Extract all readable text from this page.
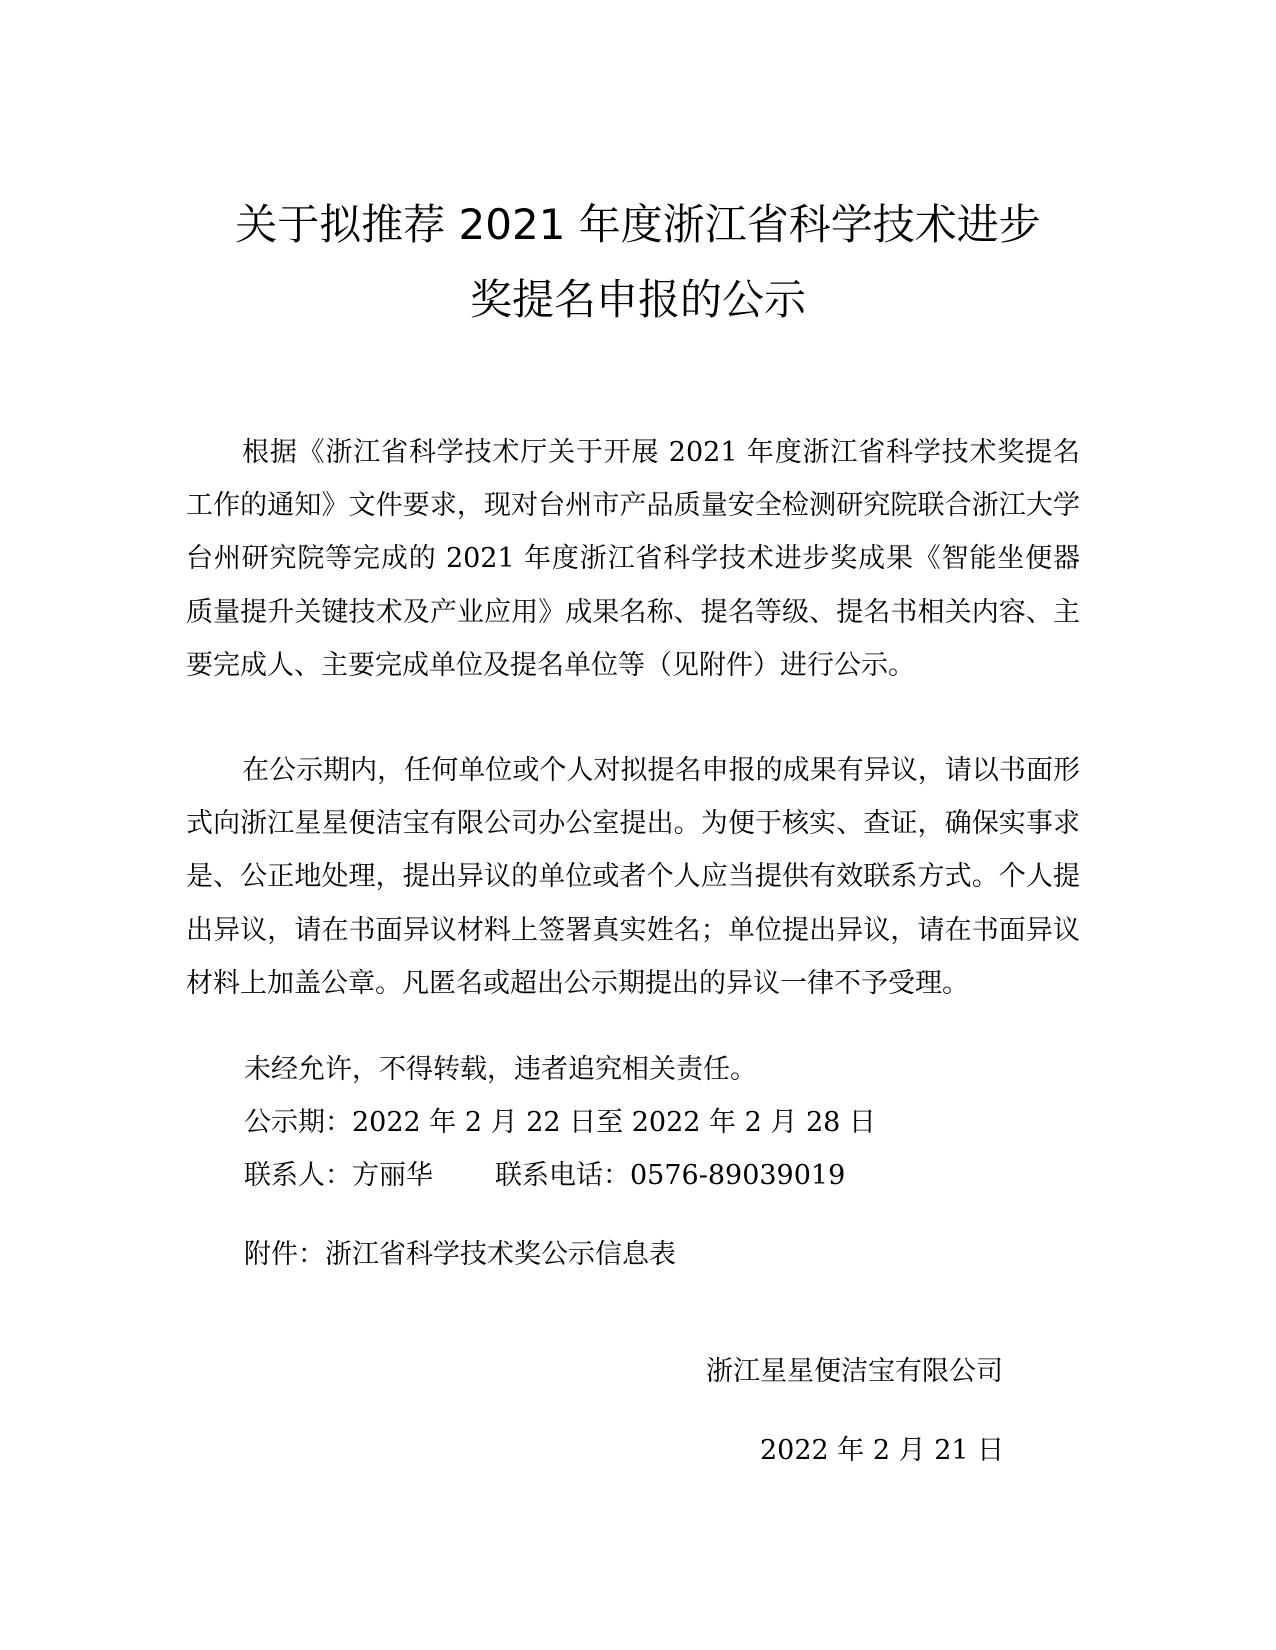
关于拟推荐 2021 年度浙江省科学技术进步
奖提名申报的公示

根据《浙江省科学技术厅关于开展 2021 年度浙江省科学技术奖提名工作的通知》文件要求，现对台州市产品质量安全检测研究院联合浙江大学台州研究院等完成的 2021 年度浙江省科学技术进步奖成果《智能坐便器质量提升关键技术及产业应用》成果名称、提名等级、提名书相关内容、主要完成人、主要完成单位及提名单位等（见附件）进行公示。

在公示期内，任何单位或个人对拟提名申报的成果有异议，请以书面形式向浙江星星便洁宝有限公司办公室提出。为便于核实、查证，确保实事求是、公正地处理，提出异议的单位或者个人应当提供有效联系方式。个人提出异议，请在书面异议材料上签署真实姓名；单位提出异议，请在书面异议材料上加盖公章。凡匿名或超出公示期提出的异议一律不予受理。

未经允许，不得转载，违者追究相关责任。

公示期：2022 年 2 月 22 日至 2022 年 2 月 28 日

联系人：方丽华 联系电话：0576-89039019

附件：浙江省科学技术奖公示信息表

浙江星星便洁宝有限公司

2022 年 2 月 21 日
